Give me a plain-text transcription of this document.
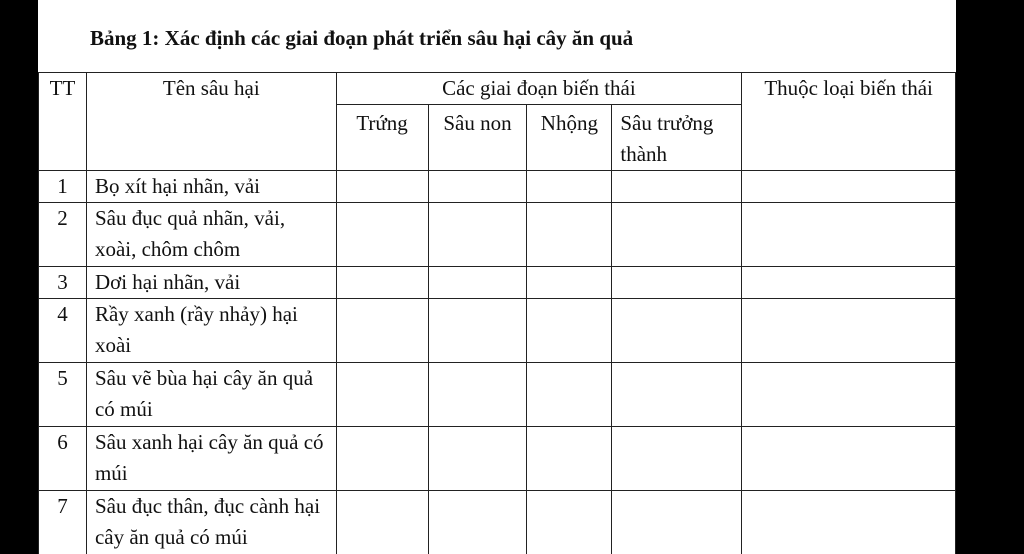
Bảng 1: Xác định các giai đoạn phát triển sâu hại cây ăn quả
TT	Tên sâu hại	Các giai đoạn biến thái				Thuộc loại biến thái
		Trứng	Sâu non	Nhộng	Sâu trưởng thành	
1	Bọ xít hại nhãn, vải					
2	Sâu đục quả nhãn, vải, xoài, chôm chôm					
3	Dơi hại nhãn, vải					
4	Rầy xanh (rầy nhảy) hại xoài					
5	Sâu vẽ bùa hại cây ăn quả có múi					
6	Sâu xanh hại cây ăn quả có múi					
7	Sâu đục thân, đục cành hại cây ăn quả có múi					
